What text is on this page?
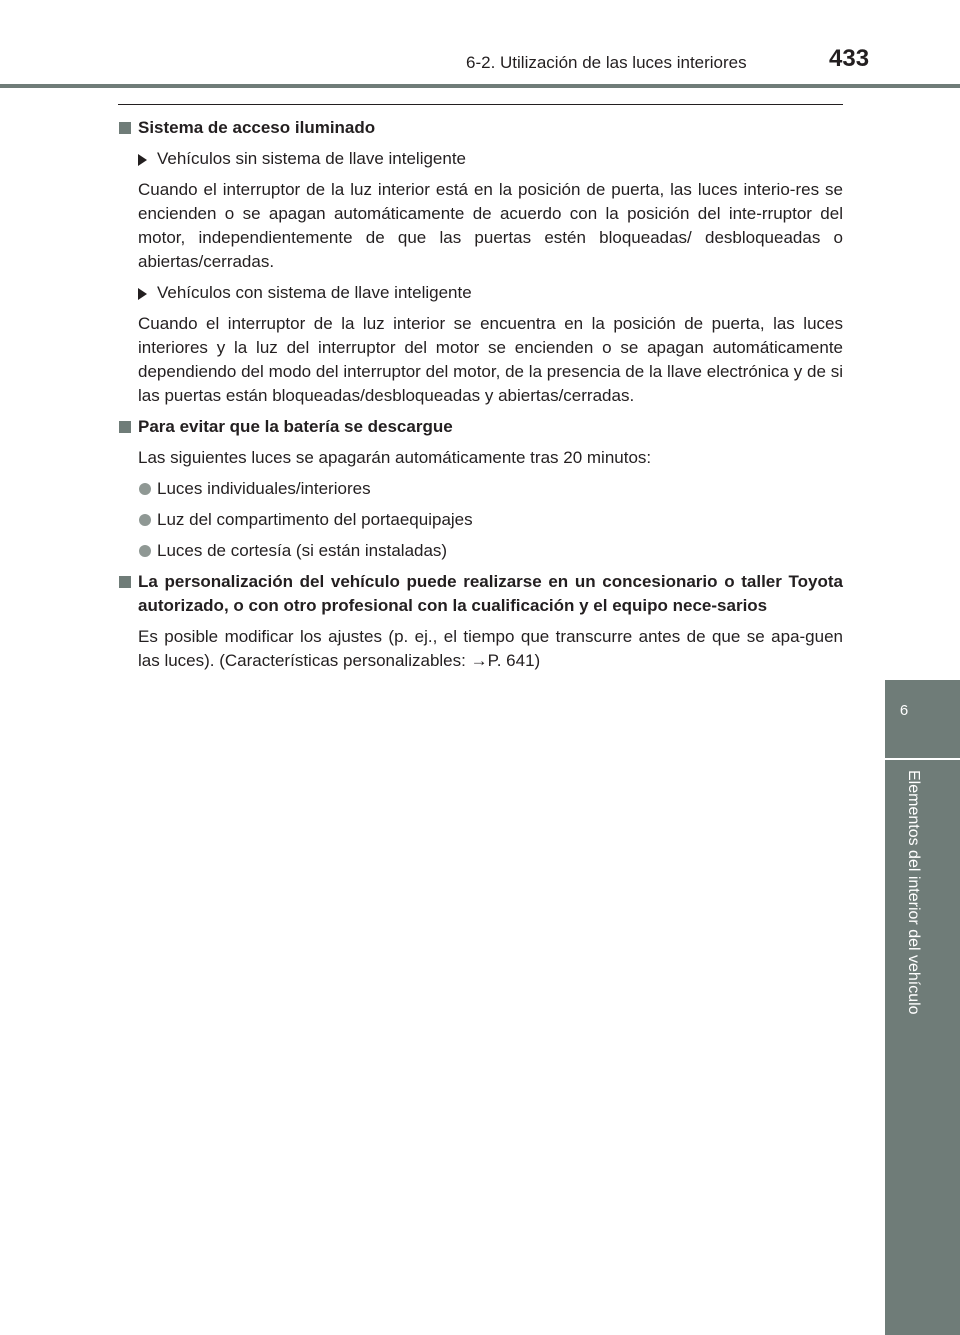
6-2. Utilización de las luces interiores	433
6
Elementos del interior del vehículo
Sistema de acceso iluminado
Vehículos sin sistema de llave inteligente
Cuando el interruptor de la luz interior está en la posición de puerta, las luces interio-res se encienden o se apagan automáticamente de acuerdo con la posición del inte-rruptor del motor, independientemente de que las puertas estén bloqueadas/ desbloqueadas o abiertas/cerradas.
Vehículos con sistema de llave inteligente
Cuando el interruptor de la luz interior se encuentra en la posición de puerta, las luces interiores y la luz del interruptor del motor se encienden o se apagan automáticamente dependiendo del modo del interruptor del motor, de la presencia de la llave electrónica y de si las puertas están bloqueadas/desbloqueadas y abiertas/cerradas.
Para evitar que la batería se descargue
Las siguientes luces se apagarán automáticamente tras 20 minutos:
Luces individuales/interiores
Luz del compartimento del portaequipajes
Luces de cortesía (si están instaladas)
La personalización del vehículo puede realizarse en un concesionario o taller Toyota autorizado, o con otro profesional con la cualificación y el equipo nece-sarios
Es posible modificar los ajustes (p. ej., el tiempo que transcurre antes de que se apa-guen las luces). (Características personalizables: →P. 641)
